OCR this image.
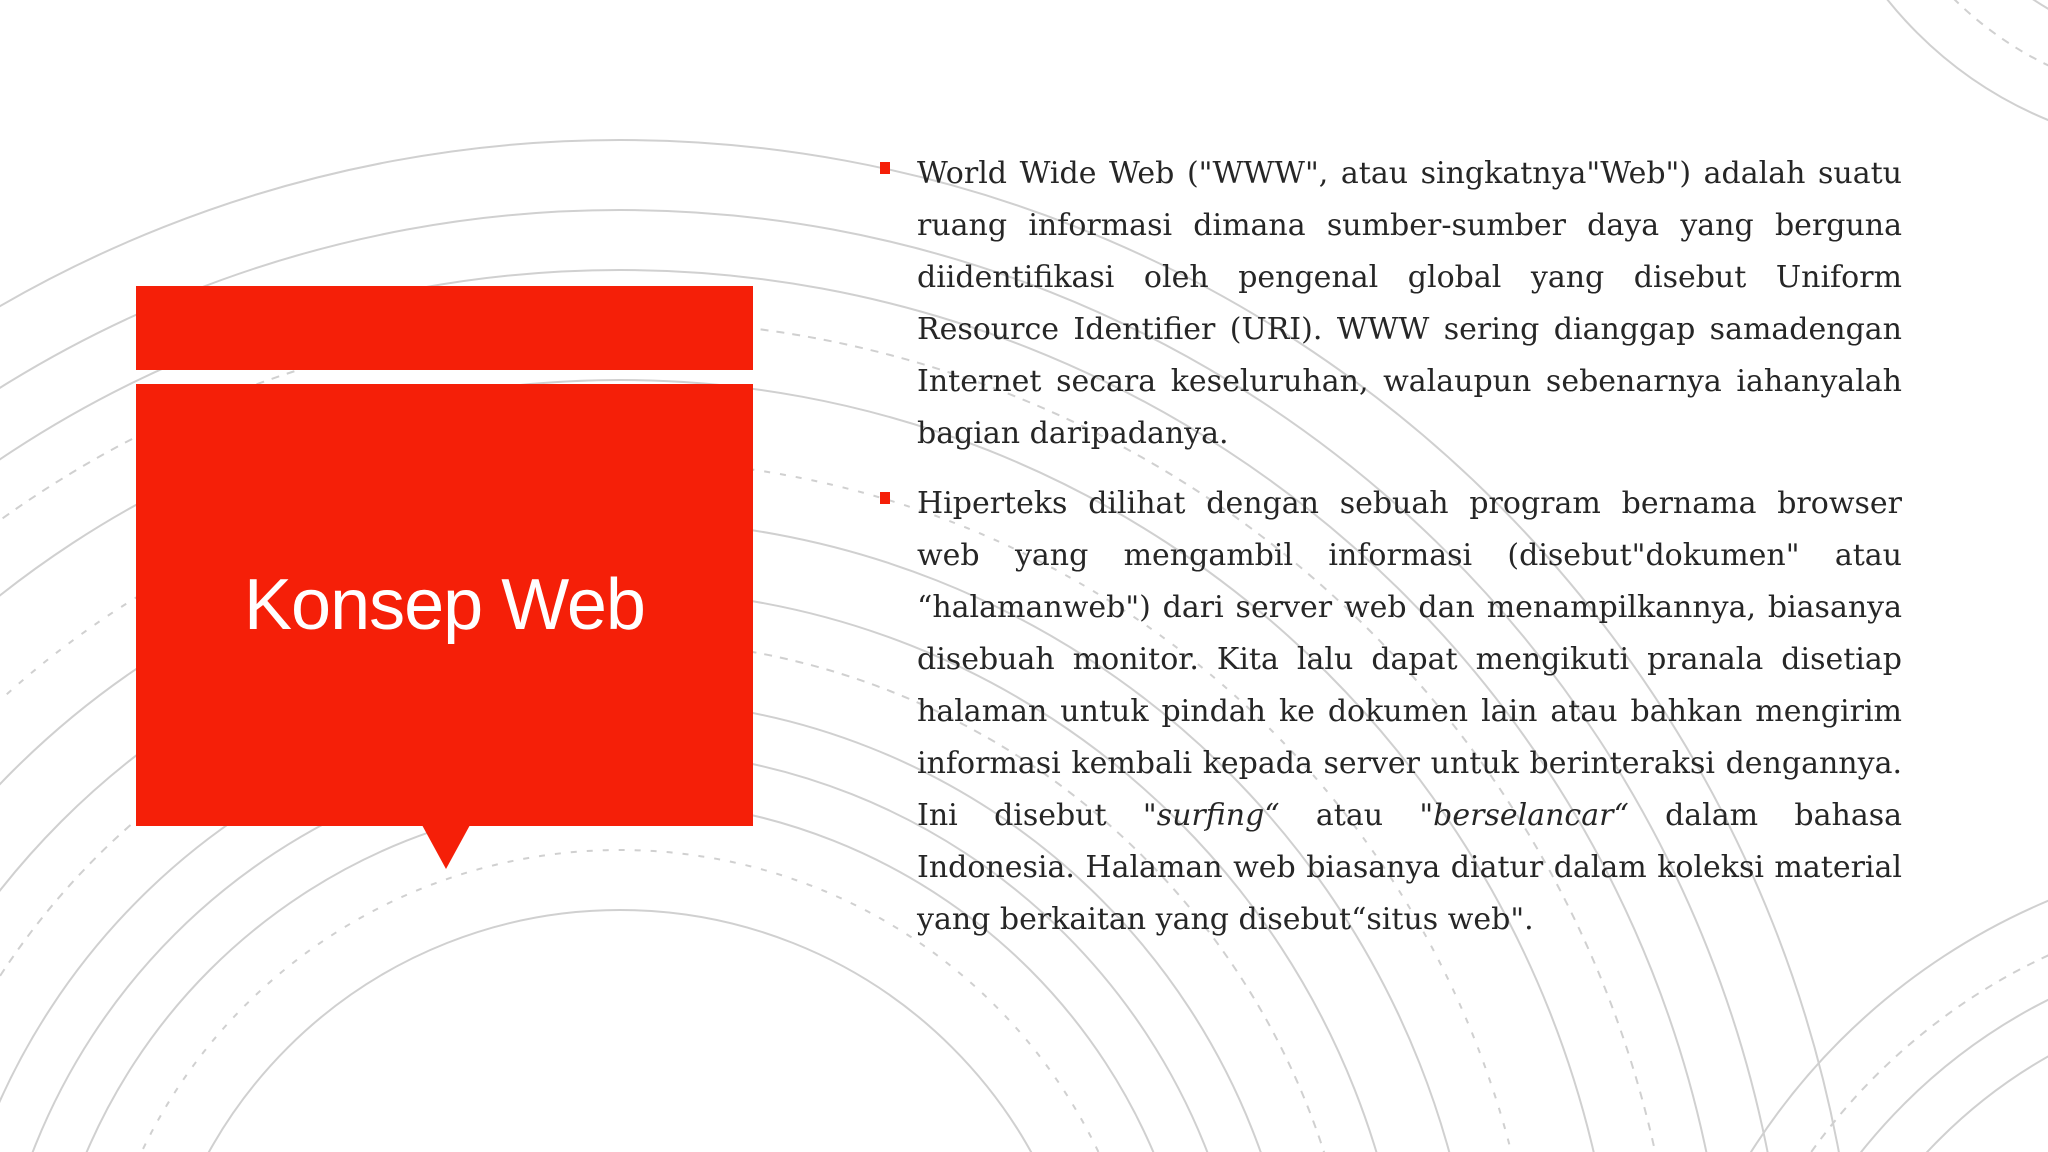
Konsep Web

World Wide Web ("WWW", atau singkatnya"Web") adalah suatu ruang informasi dimana sumber-sumber daya yang berguna diidentifikasi oleh pengenal global yang disebut Uniform Resource Identifier (URI). WWW sering dianggap samadengan Internet secara keseluruhan, walaupun sebenarnya iahanyalah bagian daripadanya.

Hiperteks dilihat dengan sebuah program bernama browser web yang mengambil informasi (disebut"dokumen" atau “halamanweb") dari server web dan menampilkannya, biasanya disebuah monitor. Kita lalu dapat mengikuti pranala disetiap halaman untuk pindah ke dokumen lain atau bahkan mengirim informasi kembali kepada server untuk berinteraksi dengannya. Ini disebut "surfing“ atau "berselancar“ dalam bahasa Indonesia. Halaman web biasanya diatur dalam koleksi material yang berkaitan yang disebut“situs web".
